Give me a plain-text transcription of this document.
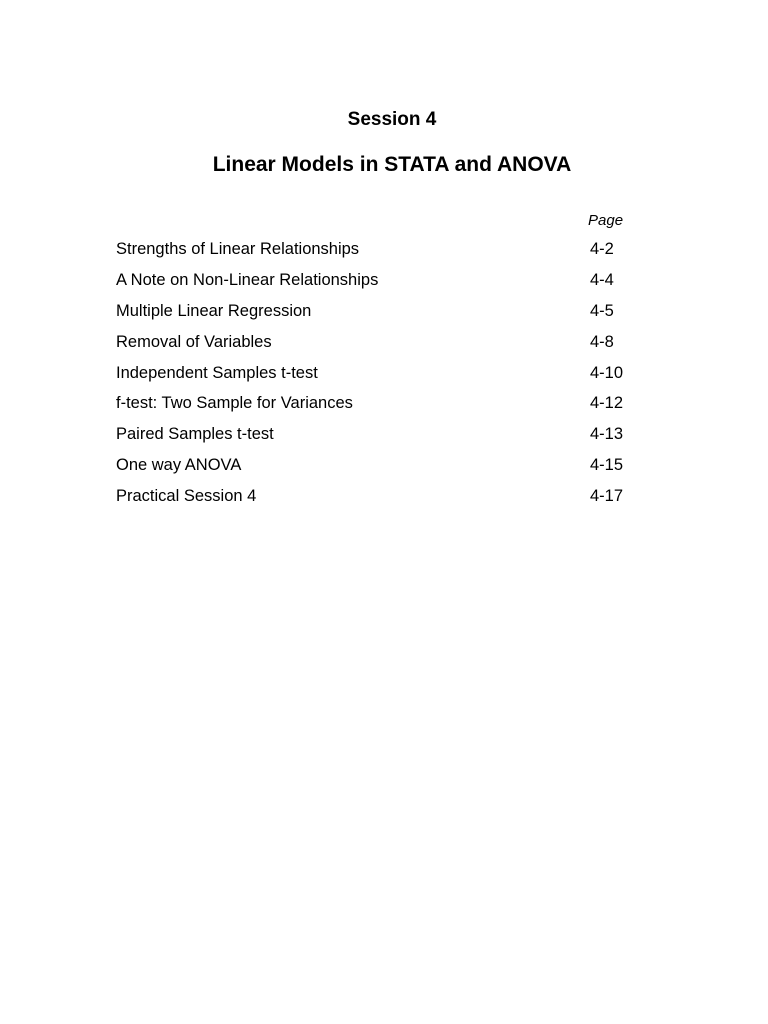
Session 4
Linear Models in STATA and ANOVA
Page
Strengths of Linear Relationships	4-2
A Note on Non-Linear Relationships	4-4
Multiple Linear Regression	4-5
Removal of Variables	4-8
Independent Samples t-test	4-10
f-test: Two Sample for Variances	4-12
Paired Samples t-test	4-13
One way ANOVA	4-15
Practical Session 4	4-17
